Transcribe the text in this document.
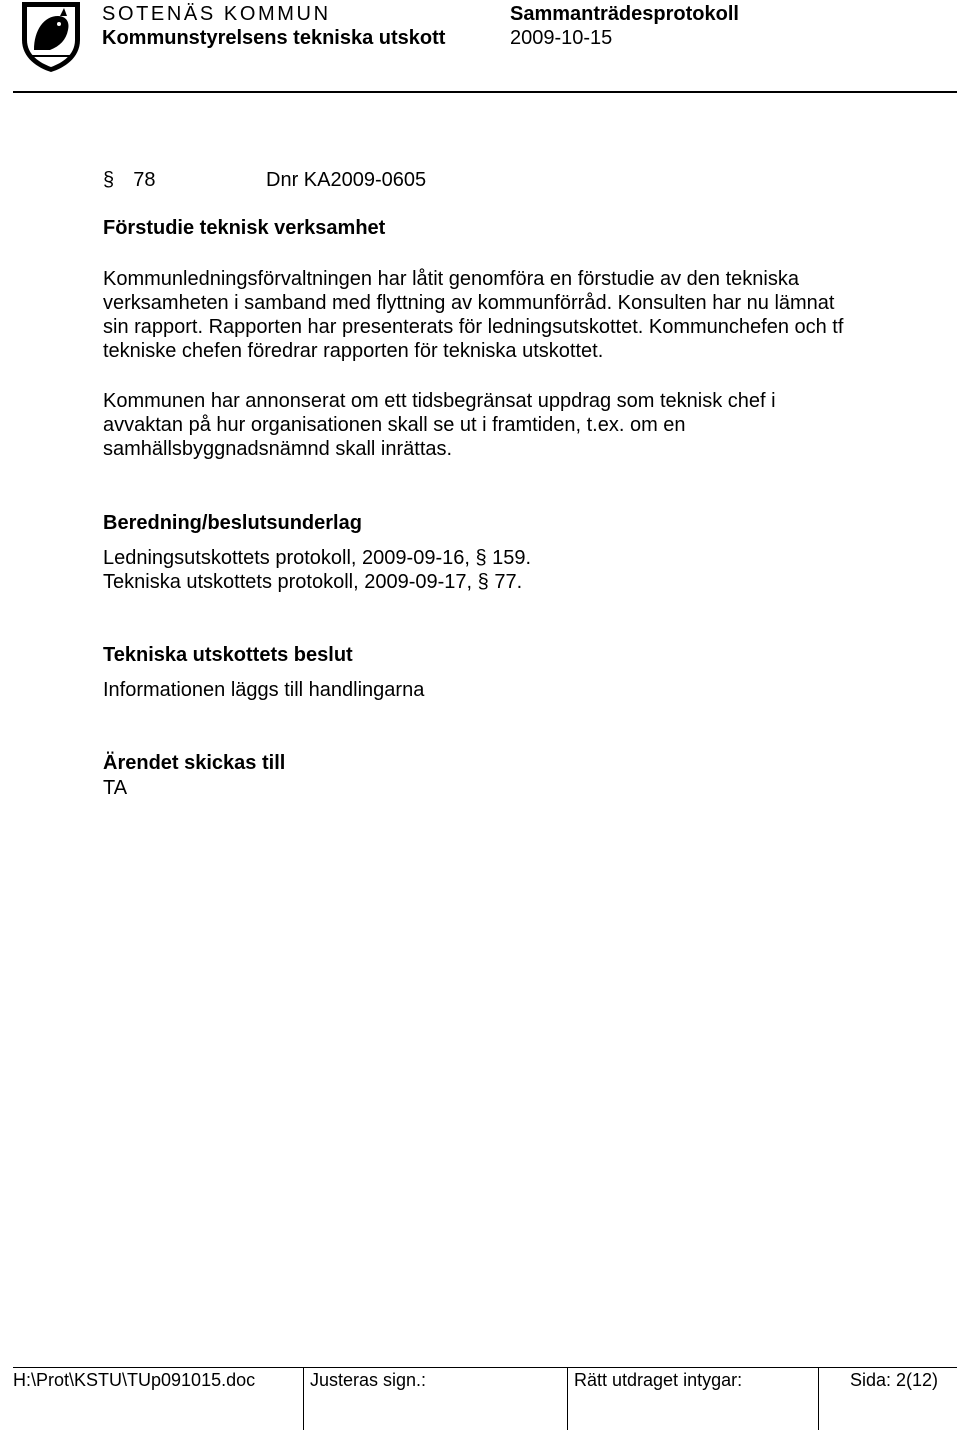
SOTENÄS KOMMUN	Sammanträdesprotokoll
Kommunstyrelsens tekniska utskott	2009-10-15
§ 78	Dnr KA2009-0605
Förstudie teknisk verksamhet
Kommunledningsförvaltningen har låtit genomföra en förstudie av den tekniska
verksamheten i samband med flyttning av kommunförråd. Konsulten har nu lämnat
sin rapport. Rapporten har presenterats för ledningsutskottet. Kommunchefen och tf
tekniske chefen föredrar rapporten för tekniska utskottet.
Kommunen har annonserat om ett tidsbegränsat uppdrag som teknisk chef i
avvaktan på hur organisationen skall se ut i framtiden, t.ex. om en
samhällsbyggnadsnämnd skall inrättas.
Beredning/beslutsunderlag
Ledningsutskottets protokoll, 2009-09-16, § 159.
Tekniska utskottets protokoll, 2009-09-17, § 77.
Tekniska utskottets beslut
Informationen läggs till handlingarna
Ärendet skickas till
TA
H:\Prot\KSTU\TUp091015.doc	Justeras sign.:	Rätt utdraget intygar:	Sida: 2(12)
